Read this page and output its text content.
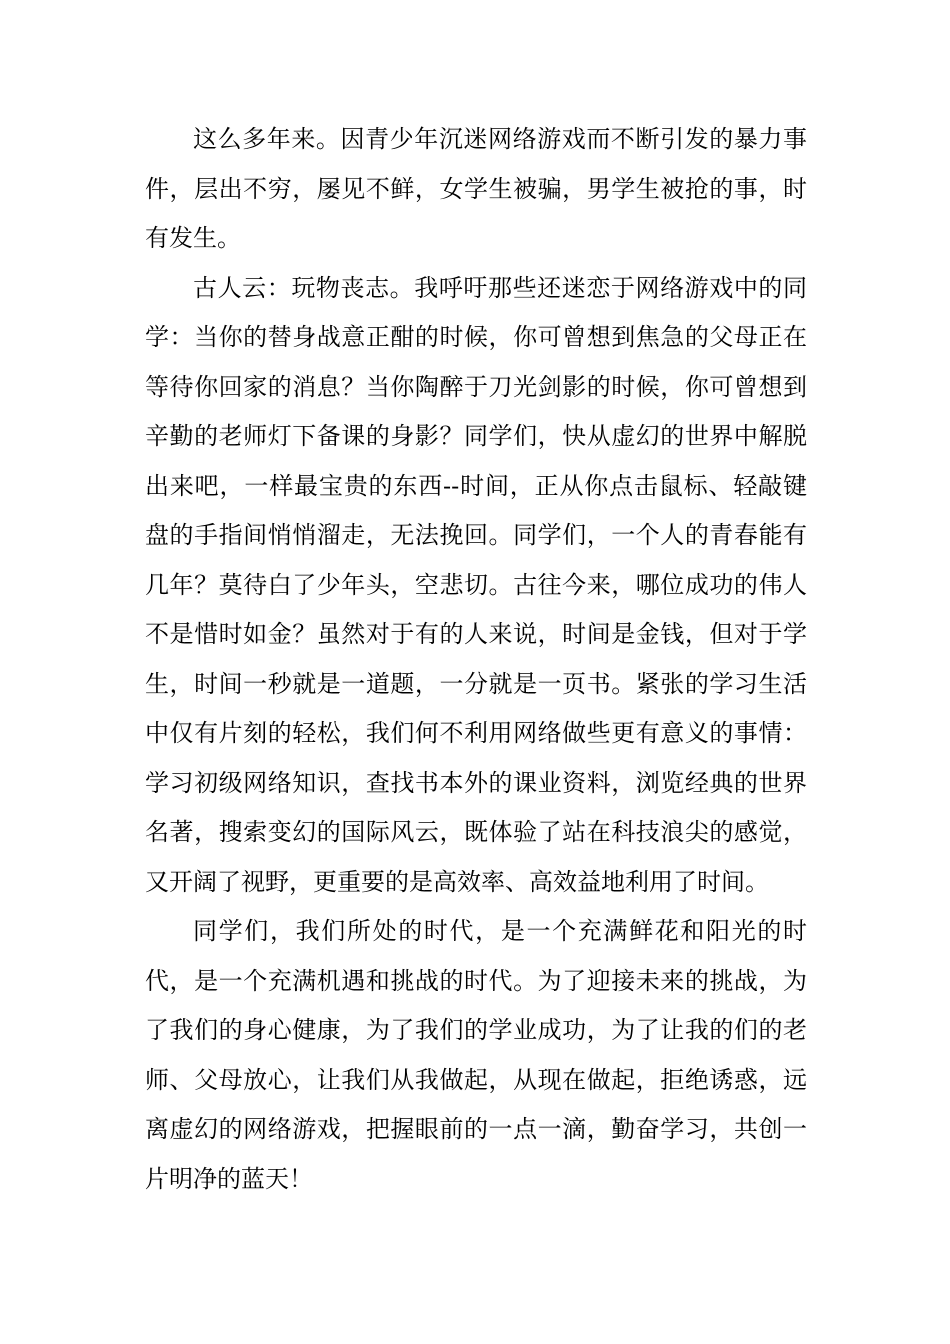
这么多年来。因青少年沉迷网络游戏而不断引发的暴力事件，层出不穷，屡见不鲜，女学生被骗，男学生被抢的事，时有发生。

古人云：玩物丧志。我呼吁那些还迷恋于网络游戏中的同学：当你的替身战意正酣的时候，你可曾想到焦急的父母正在等待你回家的消息？当你陶醉于刀光剑影的时候，你可曾想到辛勤的老师灯下备课的身影？同学们，快从虚幻的世界中解脱出来吧，一样最宝贵的东西--时间，正从你点击鼠标、轻敲键盘的手指间悄悄溜走，无法挽回。同学们，一个人的青春能有几年？莫待白了少年头，空悲切。古往今来，哪位成功的伟人不是惜时如金？虽然对于有的人来说，时间是金钱，但对于学生，时间一秒就是一道题，一分就是一页书。紧张的学习生活中仅有片刻的轻松，我们何不利用网络做些更有意义的事情：学习初级网络知识，查找书本外的课业资料，浏览经典的世界名著，搜索变幻的国际风云，既体验了站在科技浪尖的感觉，又开阔了视野，更重要的是高效率、高效益地利用了时间。

同学们，我们所处的时代，是一个充满鲜花和阳光的时代，是一个充满机遇和挑战的时代。为了迎接未来的挑战，为了我们的身心健康，为了我们的学业成功，为了让我的们的老师、父母放心，让我们从我做起，从现在做起，拒绝诱惑，远离虚幻的网络游戏，把握眼前的一点一滴，勤奋学习，共创一片明净的蓝天！
